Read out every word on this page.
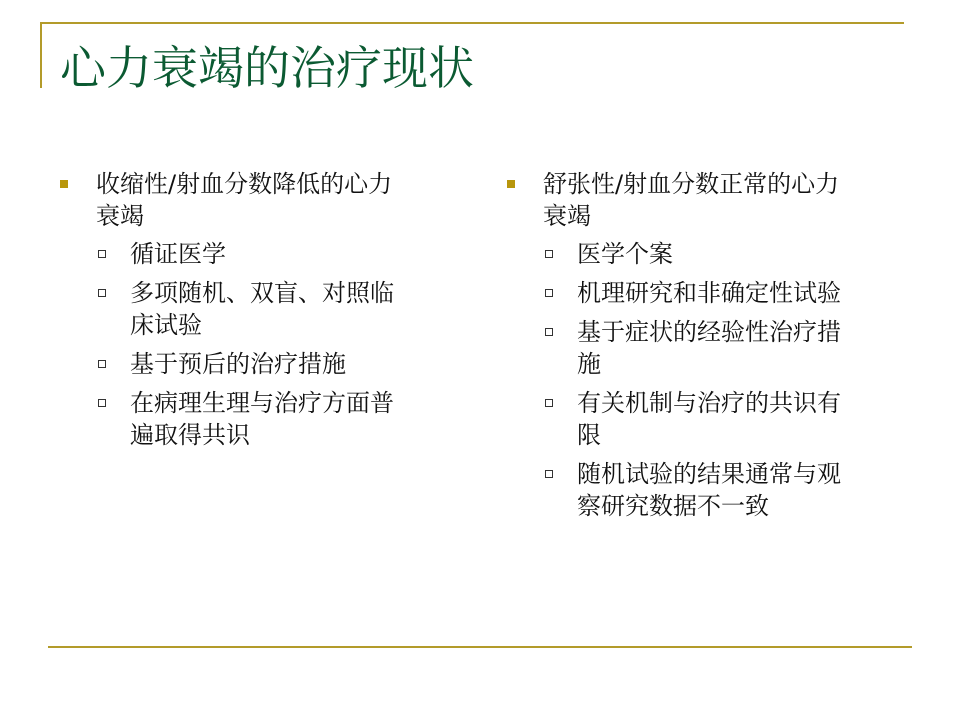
心力衰竭的治疗现状
收缩性/射血分数降低的心力衰竭
循证医学
多项随机、双盲、对照临床试验
基于预后的治疗措施
在病理生理与治疗方面普遍取得共识
舒张性/射血分数正常的心力衰竭
医学个案
机理研究和非确定性试验
基于症状的经验性治疗措施
有关机制与治疗的共识有限
随机试验的结果通常与观察研究数据不一致
